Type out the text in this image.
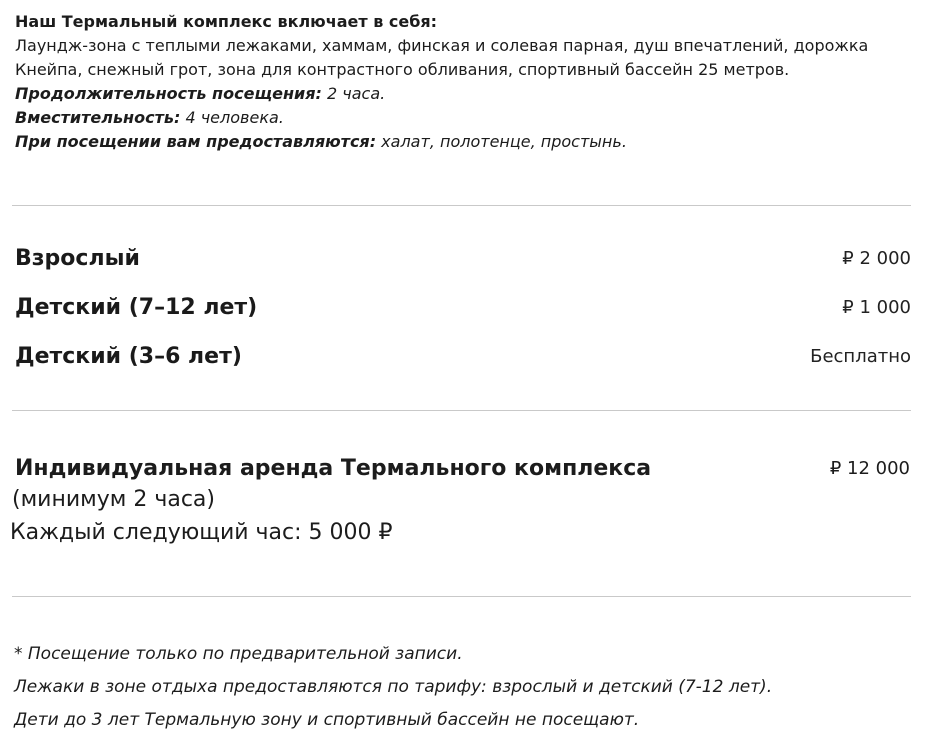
Наш Термальный комплекс включает в себя:
Лаундж-зона с теплыми лежаками, хаммам, финская и солевая парная, душ впечатлений, дорожка Кнейпа, снежный грот, зона для контрастного обливания, спортивный бассейн 25 метров.
Продолжительность посещения: 2 часа.
Вместительность: 4 человека.
При посещении вам предоставляются: халат, полотенце, простынь.
Взрослый	₽ 2 000
Детский (7–12 лет)	₽ 1 000
Детский (3–6 лет)	Бесплатно
Индивидуальная аренда Термального комплекса	₽ 12 000
(минимум 2 часа)
Каждый следующий час: 5 000 ₽
* Посещение только по предварительной записи.
Лежаки в зоне отдыха предоставляются по тарифу: взрослый и детский (7-12 лет).
Дети до 3 лет Термальную зону и спортивный бассейн не посещают.
